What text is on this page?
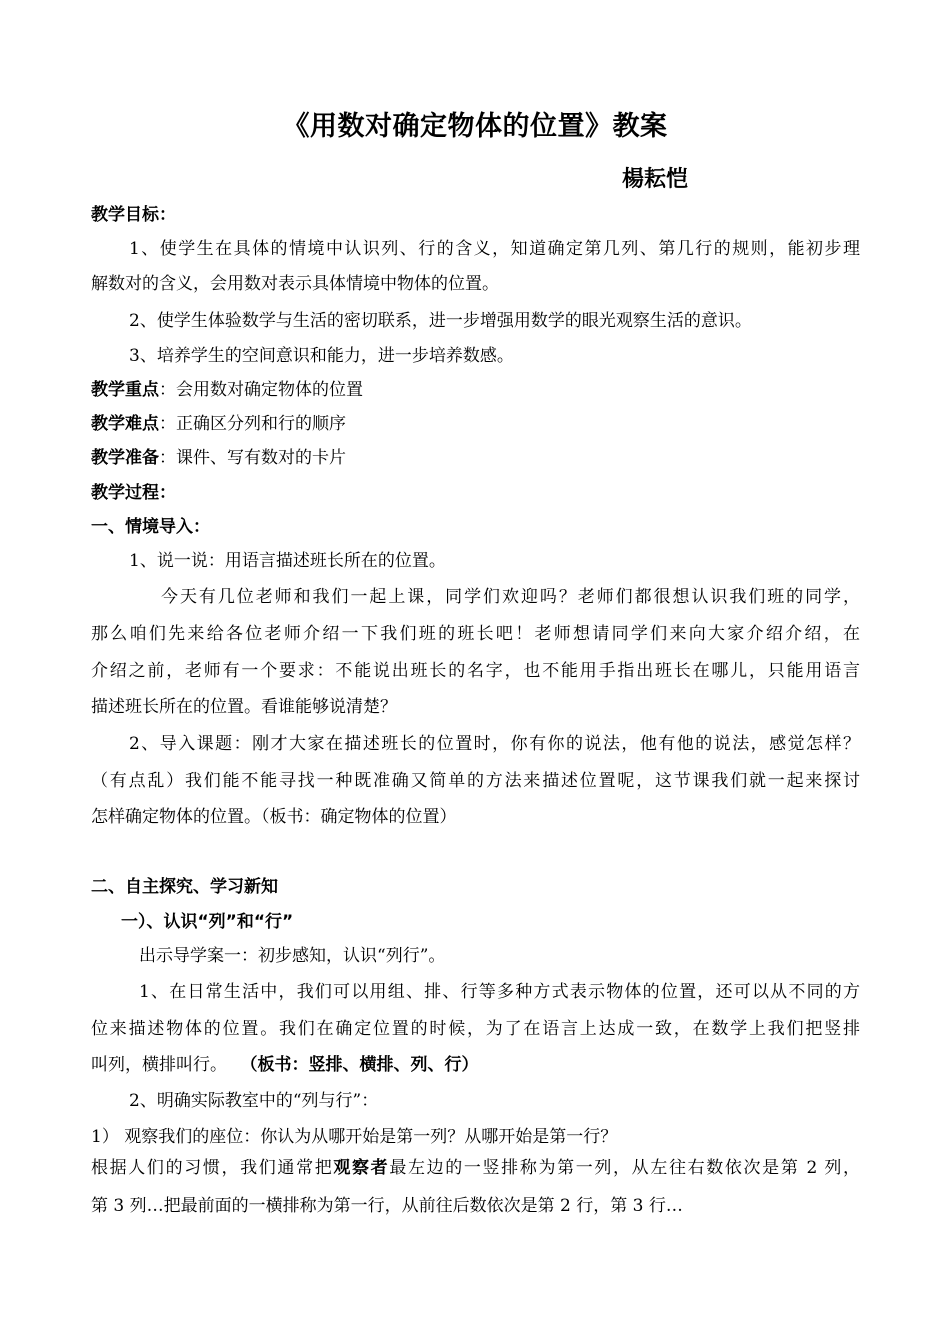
《用数对确定物体的位置》教案
楊耘恺
教学目标：
1、使学生在具体的情境中认识列、行的含义，知道确定第几列、第几行的规则，能初步理
解数对的含义，会用数对表示具体情境中物体的位置。
2、使学生体验数学与生活的密切联系，进一步增强用数学的眼光观察生活的意识。
3、培养学生的空间意识和能力，进一步培养数感。
教学重点：会用数对确定物体的位置
教学难点：正确区分列和行的顺序
教学准备：课件、写有数对的卡片
教学过程：
一、情境导入：
1、说一说：用语言描述班长所在的位置。
今天有几位老师和我们一起上课，同学们欢迎吗？老师们都很想认识我们班的同学，
那么咱们先来给各位老师介绍一下我们班的班长吧！老师想请同学们来向大家介绍介绍，在
介绍之前，老师有一个要求：不能说出班长的名字，也不能用手指出班长在哪儿，只能用语言
描述班长所在的位置。看谁能够说清楚？
2、导入课题：刚才大家在描述班长的位置时，你有你的说法，他有他的说法，感觉怎样？
（有点乱）我们能不能寻找一种既准确又简单的方法来描述位置呢，这节课我们就一起来探讨
怎样确定物体的位置。（板书：确定物体的位置）
二、自主探究、学习新知
一）、认识“列”和“行”
出示导学案一：初步感知，认识“列行”。
1、在日常生活中，我们可以用组、排、行等多种方式表示物体的位置，还可以从不同的方
位来描述物体的位置。我们在确定位置的时候，为了在语言上达成一致，在数学上我们把竖排
叫列，横排叫行。 （板书：竖排、横排、列、行）
2、明确实际教室中的“列与行”：
1） 观察我们的座位：你认为从哪开始是第一列？从哪开始是第一行？
根据人们的习惯，我们通常把观察者最左边的一竖排称为第一列，从左往右数依次是第 2 列，
第 3 列…把最前面的一横排称为第一行，从前往后数依次是第 2 行，第 3 行…
